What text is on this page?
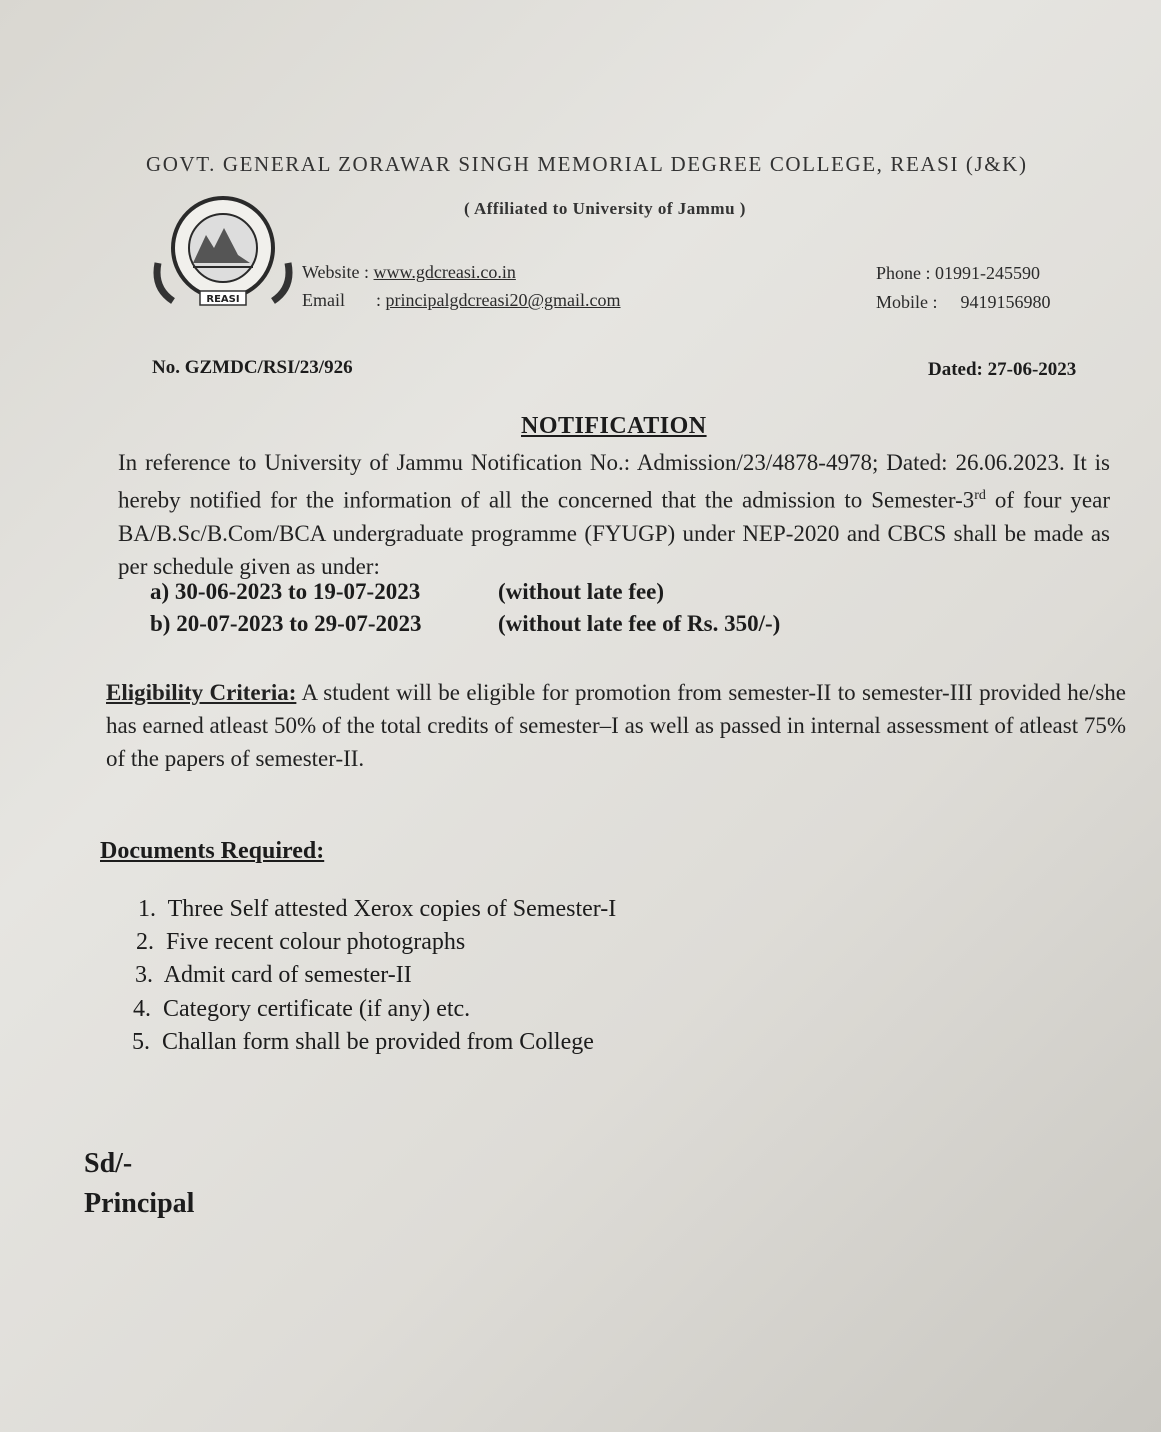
GOVT. GENERAL ZORAWAR SINGH MEMORIAL DEGREE COLLEGE, REASI (J&K)
( Affiliated to University of Jammu )
REASI
Website : www.gdcreasi.co.in
Email : principalgdcreasi20@gmail.com
Phone : 01991-245590
Mobile : 9419156980
No. GZMDC/RSI/23/926	Dated: 27-06-2023
NOTIFICATION
In reference to University of Jammu Notification No.: Admission/23/4878-4978; Dated: 26.06.2023. It is hereby notified for the information of all the concerned that the admission to Semester-3rd of four year BA/B.Sc/B.Com/BCA undergraduate programme (FYUGP) under NEP-2020 and CBCS shall be made as per schedule given as under:
a) 30-06-2023 to 19-07-2023	(without late fee)
b) 20-07-2023 to 29-07-2023	(without late fee of Rs. 350/-)
Eligibility Criteria: A student will be eligible for promotion from semester-II to semester-III provided he/she has earned atleast 50% of the total credits of semester–I as well as passed in internal assessment of atleast 75% of the papers of semester-II.
Documents Required:
1. Three Self attested Xerox copies of Semester-I
2. Five recent colour photographs
3. Admit card of semester-II
4. Category certificate (if any) etc.
5. Challan form shall be provided from College
Sd/-
Principal
